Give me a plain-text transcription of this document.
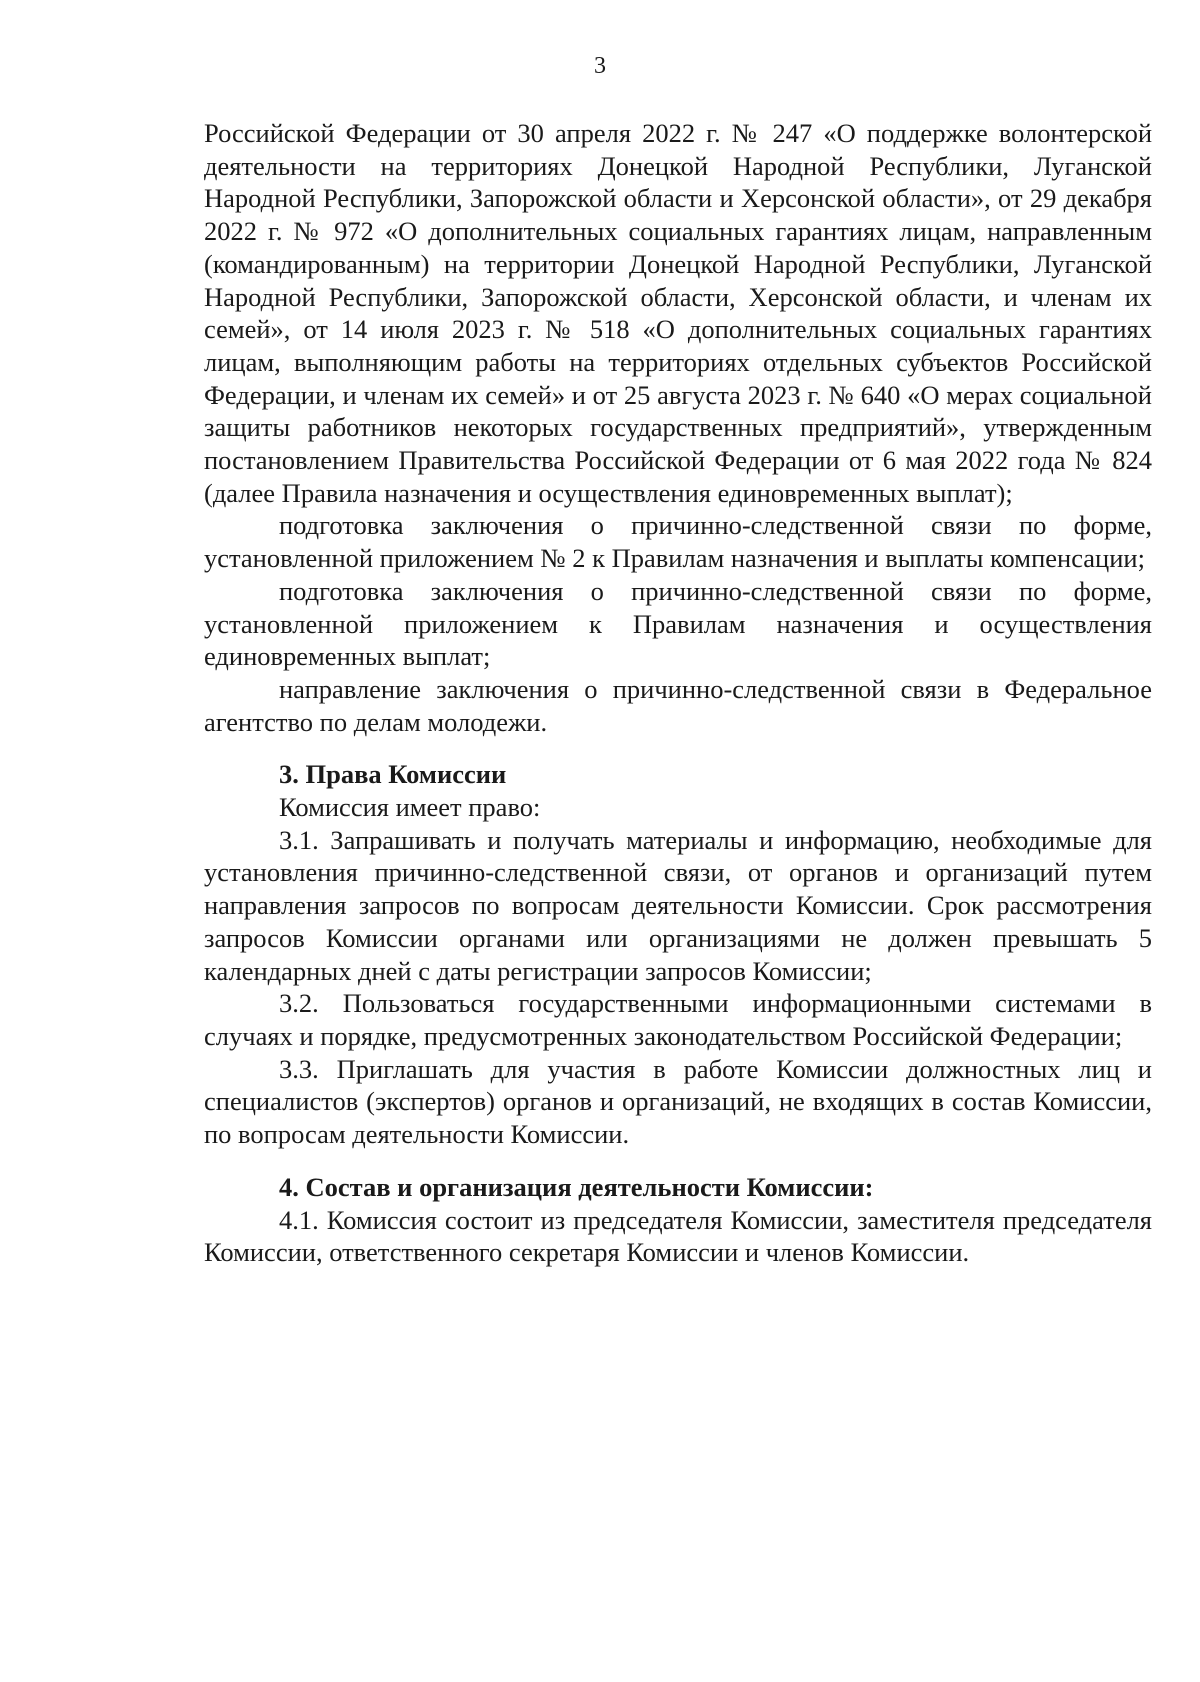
3

Российской Федерации от 30 апреля 2022 г. № 247 «О поддержке волонтерской деятельности на территориях Донецкой Народной Республики, Луганской Народной Республики, Запорожской области и Херсонской области», от 29 декабря 2022 г. № 972 «О дополнительных социальных гарантиях лицам, направленным (командированным) на территории Донецкой Народной Республики, Луганской Народной Республики, Запорожской области, Херсонской области, и членам их семей», от 14 июля 2023 г. № 518 «О дополнительных социальных гарантиях лицам, выполняющим работы на территориях отдельных субъектов Российской Федерации, и членам их семей» и от 25 августа 2023 г. № 640 «О мерах социальной защиты работников некоторых государственных предприятий», утвержденным постановлением Правительства Российской Федерации от 6 мая 2022 года № 824 (далее Правила назначения и осуществления единовременных выплат);

подготовка заключения о причинно-следственной связи по форме, установленной приложением № 2 к Правилам назначения и выплаты компенсации;

подготовка заключения о причинно-следственной связи по форме, установленной приложением к Правилам назначения и осуществления единовременных выплат;

направление заключения о причинно-следственной связи в Федеральное агентство по делам молодежи.

3. Права Комиссии

Комиссия имеет право:

3.1. Запрашивать и получать материалы и информацию, необходимые для установления причинно-следственной связи, от органов и организаций путем направления запросов по вопросам деятельности Комиссии. Срок рассмотрения запросов Комиссии органами или организациями не должен превышать 5 календарных дней с даты регистрации запросов Комиссии;

3.2. Пользоваться государственными информационными системами в случаях и порядке, предусмотренных законодательством Российской Федерации;

3.3. Приглашать для участия в работе Комиссии должностных лиц и специалистов (экспертов) органов и организаций, не входящих в состав Комиссии, по вопросам деятельности Комиссии.

4. Состав и организация деятельности Комиссии:

4.1. Комиссия состоит из председателя Комиссии, заместителя председателя Комиссии, ответственного секретаря Комиссии и членов Комиссии.
